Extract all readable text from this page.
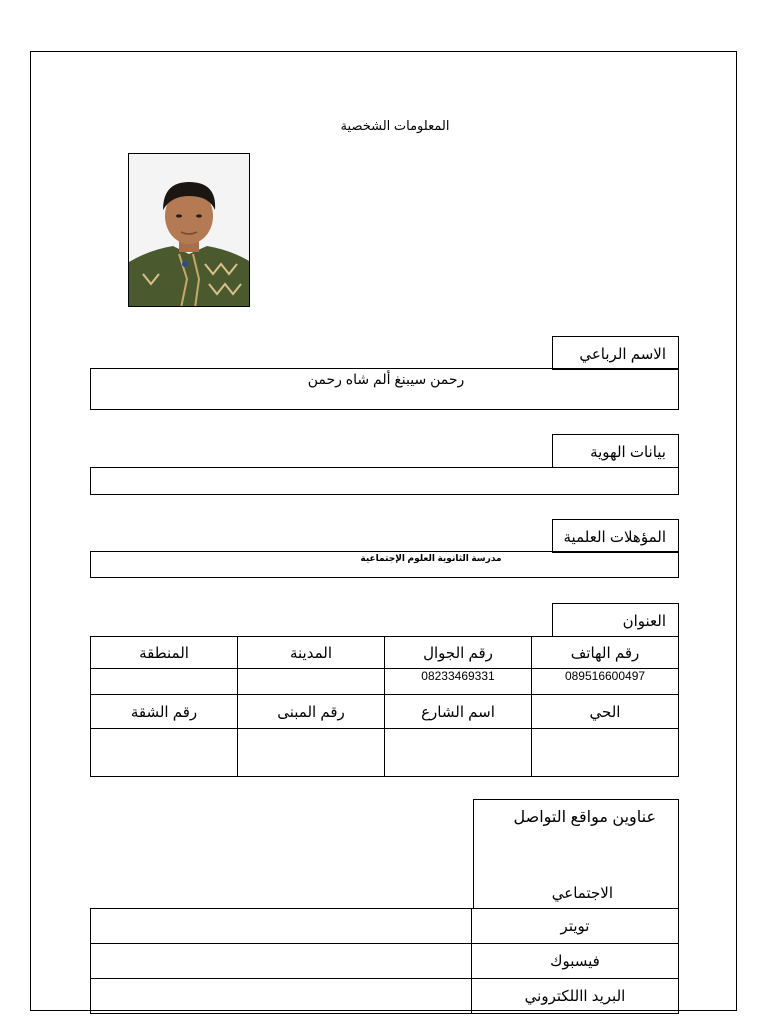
المعلومات الشخصية
الاسم الرباعي
رحمن سيبنغ ألم شاه رحمن
بيانات الهوية
المؤهلات العلمية
مدرسة الثانوية العلوم الإجتماعية
العنوان
رقم الهاتف	رقم الجوال	المدينة	المنطقة
089516600497	08233469331		
الحي	اسم الشارع	رقم المبنى	رقم الشقة

عناوين مواقع التواصل
الاجتماعي
تويتر	
فيسبوك	
البريد االلكتروني	
